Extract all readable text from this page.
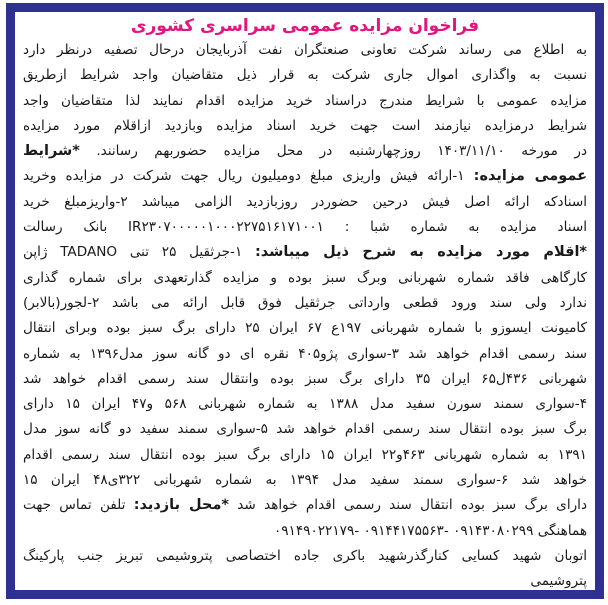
فراخوان مزایده عمومی سراسری کشوری
به اطلاع می رساند شرکت تعاونی صنعتگران نفت آذربایجان درحال تصفیه درنظر دارد
نسبت به واگذاری اموال جاری شرکت به قرار ذیل متقاضیان واجد شرایط ازطریق
مزایده عمومی با شرایط مندرج دراسناد خرید مزایده اقدام نمایند لذا متقاضیان واجد
شرایط درمزایده نیازمند است جهت خرید اسناد مزایده وبازدید ازاقلام مورد مزایده
در مورخه ۱۴۰۳/۱۱/۱۰ روزچهارشنبه در محل مزایده حضوربهم رسانند. *شرایط
عمومی مزایده: ۱-ارائه فیش واریزی مبلغ دومیلیون ریال جهت شرکت در مزایده وخرید
اسنادکه ارائه اصل فیش درحین حضوردر روزبازدید الزامی میباشد ۲-واریزمبلغ خرید
اسناد مزایده به شماره شبا : IR۲۳۰۷۰۰۰۰۰۱۰۰۰۲۲۷۵۱۶۱۷۱۰۰۱ بانک رسالت
*اقلام مورد مزایده به شرح ذیل میباشد: ۱-جرثقیل ۲۵ تنی TADANO ژاپن
کارگاهی فاقد شماره شهربانی وبرگ سبز بوده و مزایده گذارتعهدی برای شماره گذاری
ندارد ولی سند ورود قطعی وارداتی جرثقیل فوق قابل ارائه می باشد ۲-لجور(بالابر)
کامیونت ایسوزو با شماره شهربانی ۱۹۷ع ۶۷ ایران ۲۵ دارای برگ سبز بوده وبرای انتقال
سند رسمی اقدام خواهد شد ۳-سواری پژو۴۰۵ نقره ای دو گانه سوز مدل۱۳۹۶ به شماره
شهربانی ۴۳۶ل۶۵ ایران ۳۵ دارای برگ سبز بوده وانتقال سند رسمی اقدام خواهد شد
۴-سواری سمند سورن سفید مدل ۱۳۸۸ به شماره شهربانی ۵۶۸ و۴۷ ایران ۱۵ دارای
برگ سبز بوده انتقال سند رسمی اقدام خواهد شد ۵-سواری سمند سفید دو گانه سوز مدل
۱۳۹۱ به شماره شهربانی ۴۶۳و۲۲ ایران ۱۵ دارای برگ سبز بوده انتقال سند رسمی اقدام
خواهد شد ۶-سواری سمند سفید مدل ۱۳۹۴ به شماره شهربانی ۳۲۲ی۴۸ ایران ۱۵
دارای برگ سبز بوده انتقال سند رسمی اقدام خواهد شد *محل بازدید: تلفن تماس جهت
هماهنگی ۰۹۱۴۳۰۸۰۲۹۹ -۰۹۱۴۴۱۷۵۵۶۳ -۰۹۱۴۹۰۲۲۱۷۹
اتوبان شهید کسایی کنارگذرشهید باکری جاده اختصاصی پتروشیمی تبریز جنب پارکینگ
پتروشیمی
